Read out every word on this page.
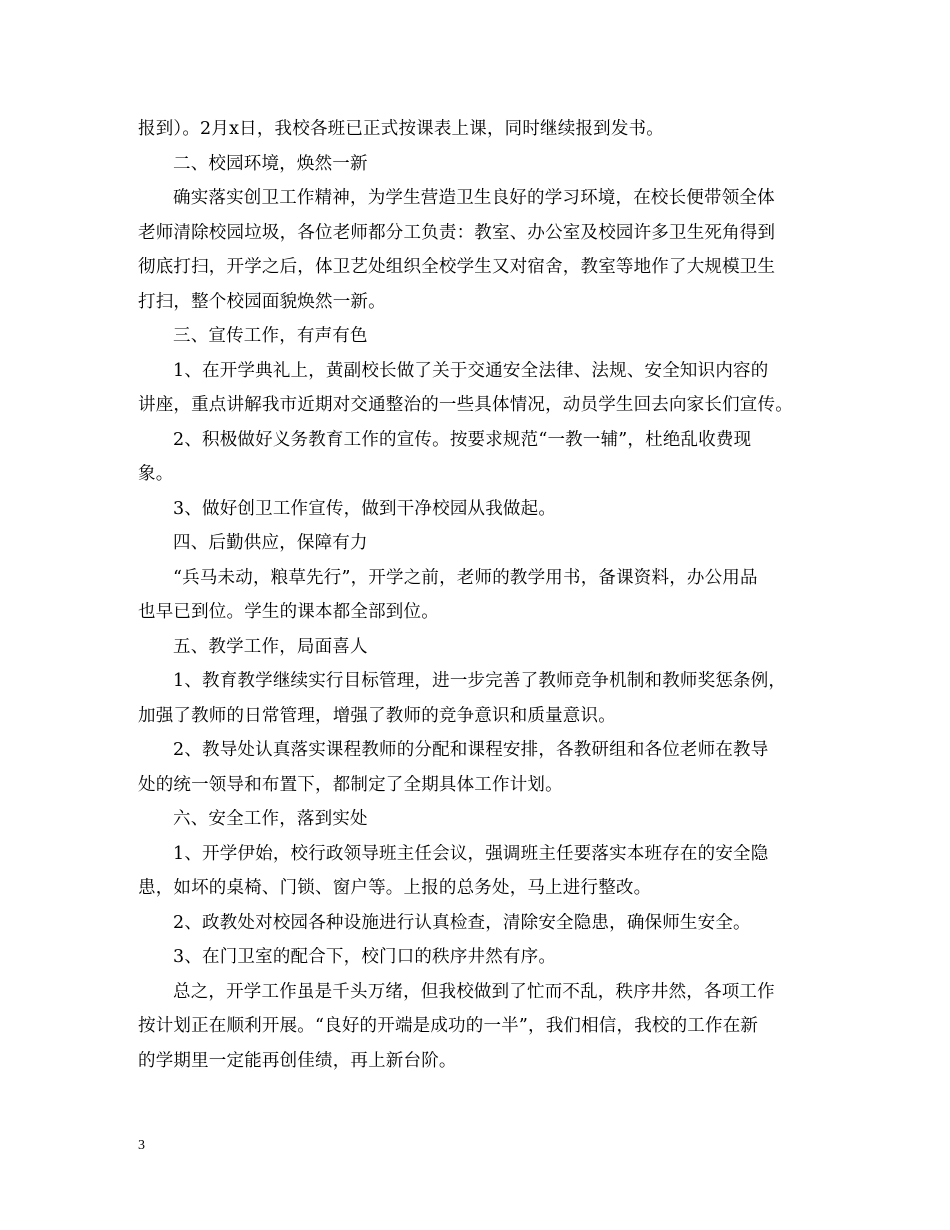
报到）。2月x日，我校各班已正式按课表上课，同时继续报到发书。
二、校园环境，焕然一新
确实落实创卫工作精神，为学生营造卫生良好的学习环境，在校长便带领全体
老师清除校园垃圾，各位老师都分工负责：教室、办公室及校园许多卫生死角得到
彻底打扫，开学之后，体卫艺处组织全校学生又对宿舍，教室等地作了大规模卫生
打扫，整个校园面貌焕然一新。
三、宣传工作，有声有色
1、在开学典礼上，黄副校长做了关于交通安全法律、法规、安全知识内容的
讲座，重点讲解我市近期对交通整治的一些具体情况，动员学生回去向家长们宣传。
2、积极做好义务教育工作的宣传。按要求规范“一教一辅”，杜绝乱收费现
象。
3、做好创卫工作宣传，做到干净校园从我做起。
四、后勤供应，保障有力
“兵马未动，粮草先行”，开学之前，老师的教学用书，备课资料，办公用品
也早已到位。学生的课本都全部到位。
五、教学工作，局面喜人
1、教育教学继续实行目标管理，进一步完善了教师竞争机制和教师奖惩条例，
加强了教师的日常管理，增强了教师的竞争意识和质量意识。
2、教导处认真落实课程教师的分配和课程安排，各教研组和各位老师在教导
处的统一领导和布置下，都制定了全期具体工作计划。
六、安全工作，落到实处
1、开学伊始，校行政领导班主任会议，强调班主任要落实本班存在的安全隐
患，如坏的桌椅、门锁、窗户等。上报的总务处，马上进行整改。
2、政教处对校园各种设施进行认真检查，清除安全隐患，确保师生安全。
3、在门卫室的配合下，校门口的秩序井然有序。
总之，开学工作虽是千头万绪，但我校做到了忙而不乱，秩序井然，各项工作
按计划正在顺利开展。“良好的开端是成功的一半”，我们相信，我校的工作在新
的学期里一定能再创佳绩，再上新台阶。
3
